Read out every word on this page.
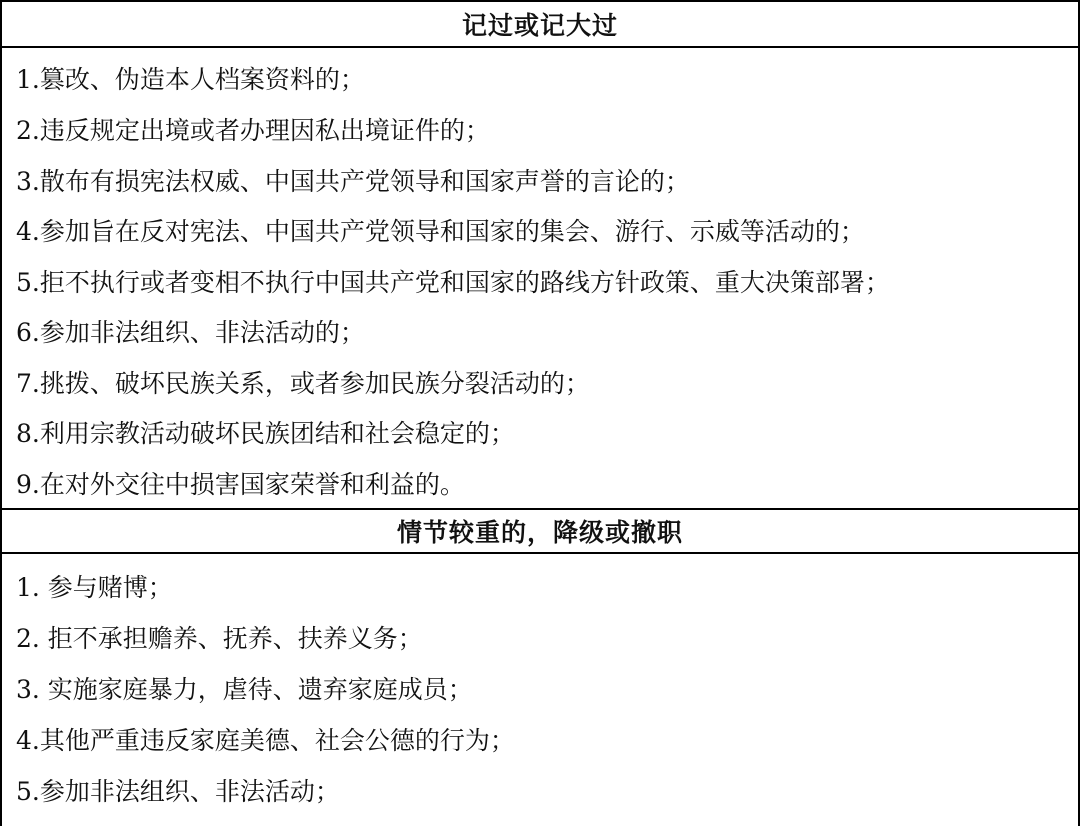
记过或记大过
1.篡改、伪造本人档案资料的；
2.违反规定出境或者办理因私出境证件的；
3.散布有损宪法权威、中国共产党领导和国家声誉的言论的；
4.参加旨在反对宪法、中国共产党领导和国家的集会、游行、示威等活动的；
5.拒不执行或者变相不执行中国共产党和国家的路线方针政策、重大决策部署；
6.参加非法组织、非法活动的；
7.挑拨、破坏民族关系，或者参加民族分裂活动的；
8.利用宗教活动破坏民族团结和社会稳定的；
9.在对外交往中损害国家荣誉和利益的。
情节较重的，降级或撤职
1. 参与赌博；
2. 拒不承担赡养、抚养、扶养义务；
3. 实施家庭暴力，虐待、遗弃家庭成员；
4.其他严重违反家庭美德、社会公德的行为；
5.参加非法组织、非法活动；
